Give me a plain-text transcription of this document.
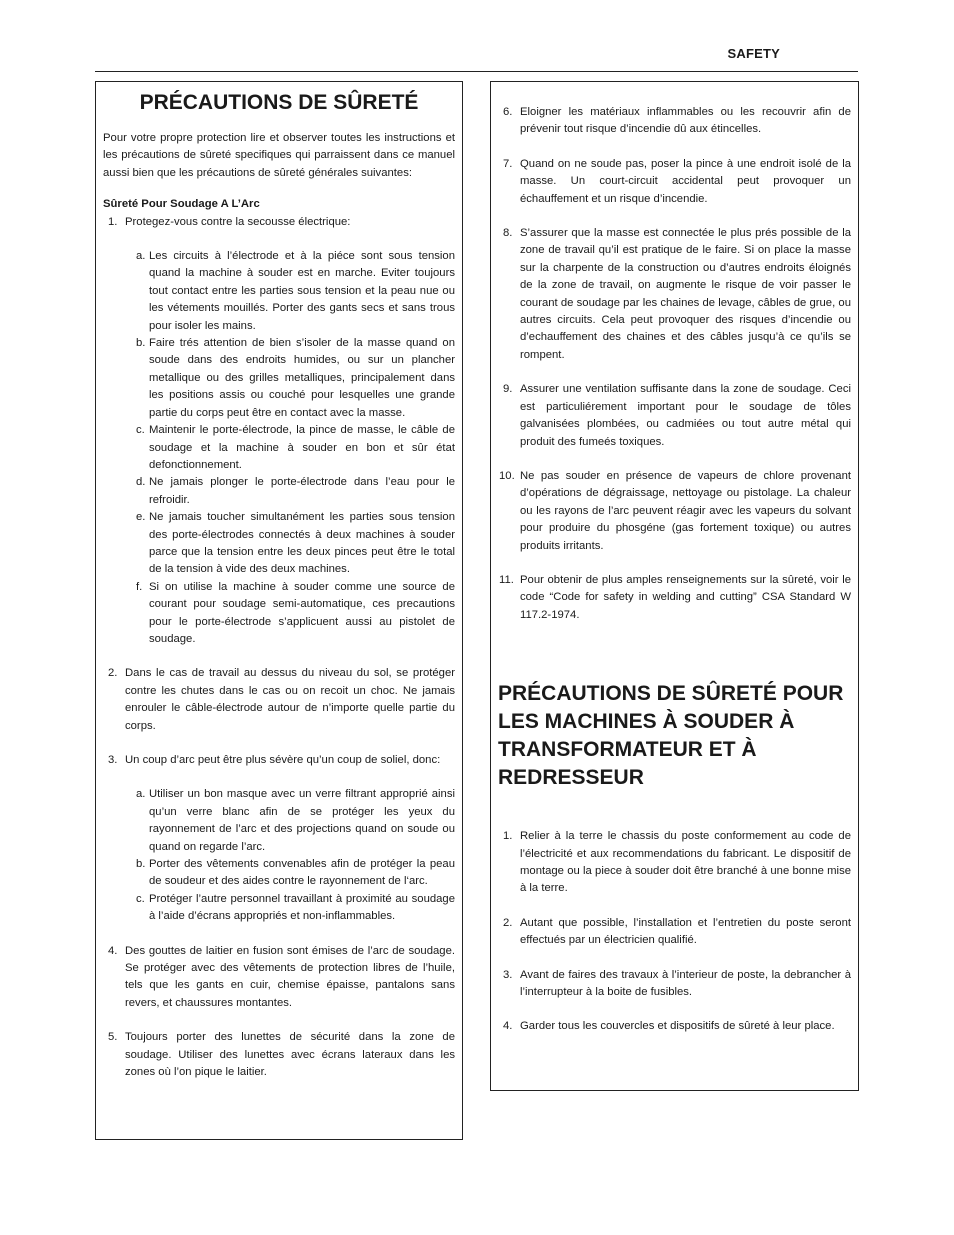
SAFETY
PRÉCAUTIONS DE SÛRETÉ

Pour votre propre protection lire et observer toutes les instructions et les précautions de sûreté specifiques qui parraissent dans ce manuel aussi bien que les précautions de sûreté générales suivantes:

Sûreté Pour Soudage A L’Arc

1. Protegez-vous contre la secousse électrique:
a. Les circuits à l’électrode et à la piéce sont sous tension quand la machine à souder est en marche. Eviter toujours tout contact entre les parties sous tension et la peau nue ou les vétements mouillés. Porter des gants secs et sans trous pour isoler les mains.
b. Faire trés attention de bien s’isoler de la masse quand on soude dans des endroits humides, ou sur un plancher metallique ou des grilles metalliques, principalement dans les positions assis ou couché pour lesquelles une grande partie du corps peut être en contact avec la masse.
c. Maintenir le porte-électrode, la pince de masse, le câble de soudage et la machine à souder en bon et sûr état defonctionnement.
d. Ne jamais plonger le porte-électrode dans l’eau pour le refroidir.
e. Ne jamais toucher simultanément les parties sous tension des porte-électrodes connectés à deux machines à souder parce que la tension entre les deux pinces peut être le total de la tension à vide des deux machines.
f. Si on utilise la machine à souder comme une source de courant pour soudage semi-automatique, ces precautions pour le porte-électrode s’applicuent aussi au pistolet de soudage.
2. Dans le cas de travail au dessus du niveau du sol, se protéger contre les chutes dans le cas ou on recoit un choc. Ne jamais enrouler le câble-électrode autour de n’importe quelle partie du corps.
3. Un coup d’arc peut être plus sévère qu’un coup de soliel, donc:
a. Utiliser un bon masque avec un verre filtrant approprié ainsi qu’un verre blanc afin de se protéger les yeux du rayonnement de l’arc et des projections quand on soude ou quand on regarde l’arc.
b. Porter des vêtements convenables afin de protéger la peau de soudeur et des aides contre le rayonnement de l‘arc.
c. Protéger l’autre personnel travaillant à proximité au soudage à l’aide d’écrans appropriés et non-inflammables.
4. Des gouttes de laitier en fusion sont émises de l’arc de soudage. Se protéger avec des vêtements de protection libres de l’huile, tels que les gants en cuir, chemise épaisse, pantalons sans revers, et chaussures montantes.
5. Toujours porter des lunettes de sécurité dans la zone de soudage. Utiliser des lunettes avec écrans lateraux dans les zones où l’on pique le laitier.
6. Eloigner les matériaux inflammables ou les recouvrir afin de prévenir tout risque d’incendie dû aux étincelles.
7. Quand on ne soude pas, poser la pince à une endroit isolé de la masse. Un court-circuit accidental peut provoquer un échauffement et un risque d’incendie.
8. S’assurer que la masse est connectée le plus prés possible de la zone de travail qu’il est pratique de le faire. Si on place la masse sur la charpente de la construction ou d’autres endroits éloignés de la zone de travail, on augmente le risque de voir passer le courant de soudage par les chaines de levage, câbles de grue, ou autres circuits. Cela peut provoquer des risques d’incendie ou d’echauffement des chaines et des câbles jusqu’à ce qu’ils se rompent.
9. Assurer une ventilation suffisante dans la zone de soudage. Ceci est particuliérement important pour le soudage de tôles galvanisées plombées, ou cadmiées ou tout autre métal qui produit des fumeés toxiques.
10. Ne pas souder en présence de vapeurs de chlore provenant d’opérations de dégraissage, nettoyage ou pistolage. La chaleur ou les rayons de l’arc peuvent réagir avec les vapeurs du solvant pour produire du phosgéne (gas fortement toxique) ou autres produits irritants.
11. Pour obtenir de plus amples renseignements sur la sûreté, voir le code “Code for safety in welding and cutting” CSA Standard W 117.2-1974.
PRÉCAUTIONS DE SÛRETÉ POUR LES MACHINES À SOUDER À TRANSFORMATEUR ET À REDRESSEUR
1. Relier à la terre le chassis du poste conformement au code de l’électricité et aux recommendations du fabricant. Le dispositif de montage ou la piece à souder doit être branché à une bonne mise à la terre.
2. Autant que possible, l’installation et l’entretien du poste seront effectués par un électricien qualifié.
3. Avant de faires des travaux à l’interieur de poste, la debrancher à l’interrupteur à la boite de fusibles.
4. Garder tous les couvercles et dispositifs de sûreté à leur place.
